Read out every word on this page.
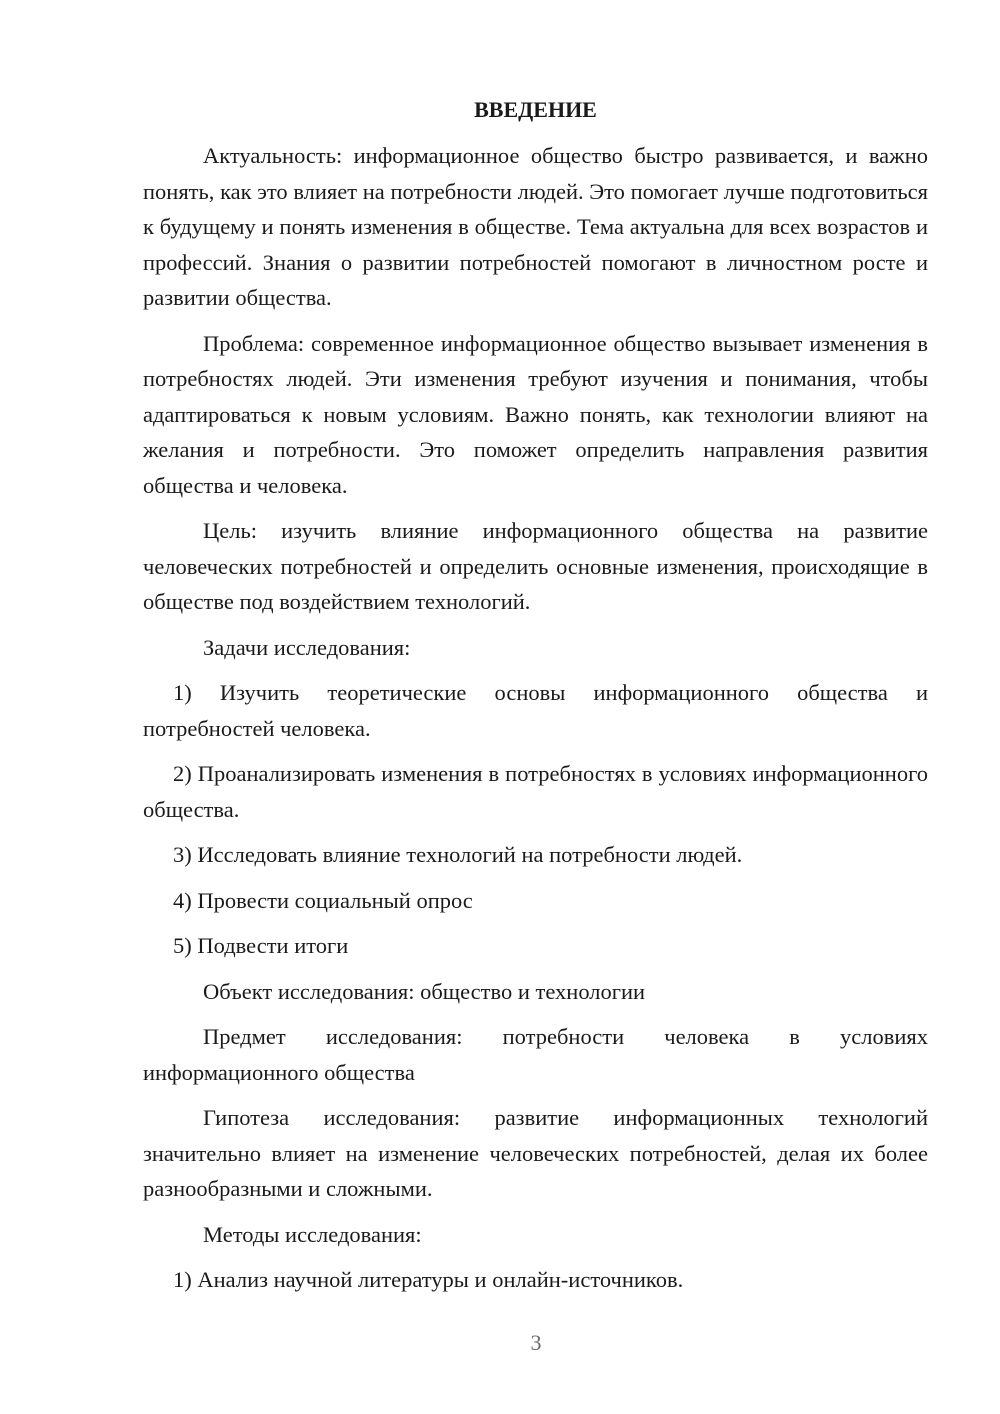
ВВЕДЕНИЕ

Актуальность: информационное общество быстро развивается, и важно понять, как это влияет на потребности людей. Это помогает лучше подготовиться к будущему и понять изменения в обществе. Тема актуальна для всех возрастов и профессий. Знания о развитии потребностей помогают в личностном росте и развитии общества.

Проблема: современное информационное общество вызывает изменения в потребностях людей. Эти изменения требуют изучения и понимания, чтобы адаптироваться к новым условиям. Важно понять, как технологии влияют на желания и потребности. Это поможет определить направления развития общества и человека.

Цель: изучить влияние информационного общества на развитие человеческих потребностей и определить основные изменения, происходящие в обществе под воздействием технологий.

Задачи исследования:

1) Изучить теоретические основы информационного общества и потребностей человека.

2) Проанализировать изменения в потребностях в условиях информационного общества.

3) Исследовать влияние технологий на потребности людей.

4) Провести социальный опрос

5) Подвести итоги

Объект исследования: общество и технологии

Предмет исследования: потребности человека в условиях информационного общества

Гипотеза исследования: развитие информационных технологий значительно влияет на изменение человеческих потребностей, делая их более разнообразными и сложными.

Методы исследования:

1) Анализ научной литературы и онлайн-источников.

3
